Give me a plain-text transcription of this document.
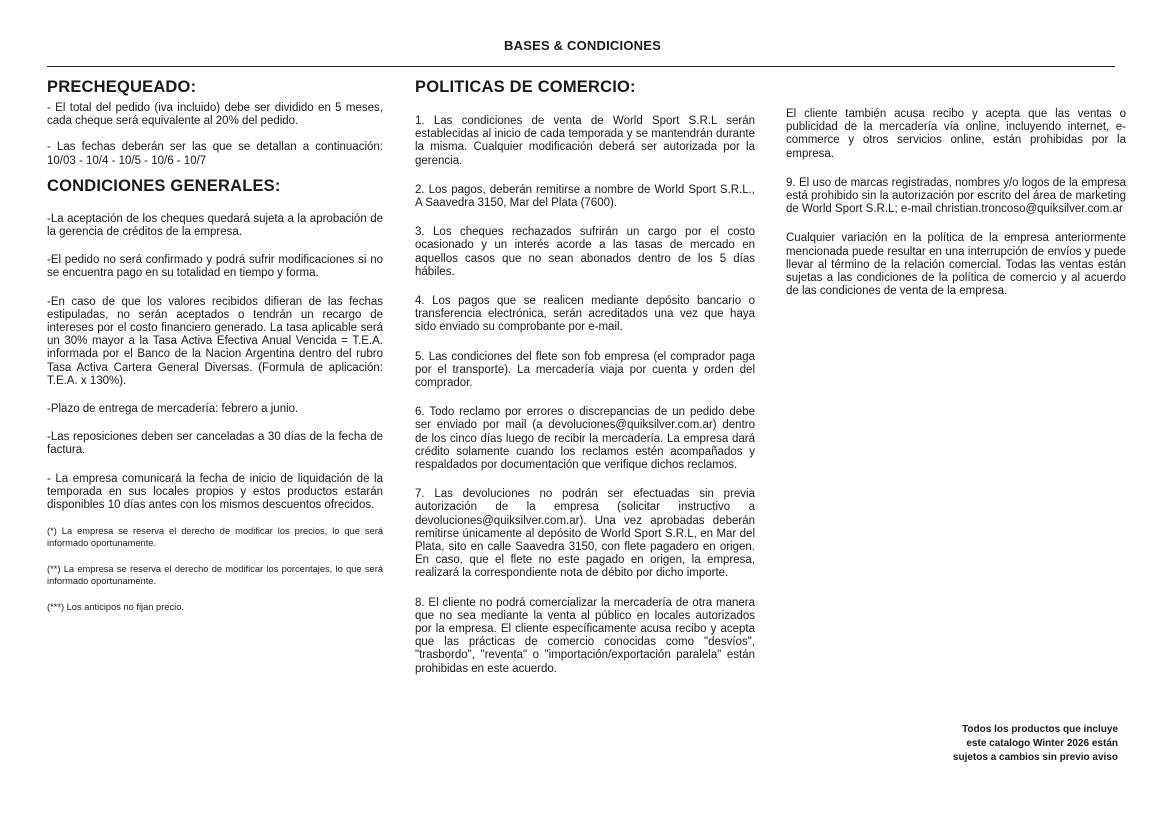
BASES & CONDICIONES
PRECHEQUEADO:

- El total del pedido (iva incluido) debe ser dividido en 5 meses, cada cheque será equivalente al 20% del pedido.

- Las fechas deberán ser las que se detallan a continuación: 10/03 - 10/4 - 10/5 - 10/6 - 10/7

CONDICIONES GENERALES:

-La aceptación de los cheques quedará sujeta a la aprobación de la gerencia de créditos de la empresa.

-El pedido no será confirmado y podrá sufrir modificaciones si no se encuentra pago en su totalidad en tiempo y forma.

-En caso de que los valores recibidos difieran de las fechas estipuladas, no serán aceptados o tendrán un recargo de intereses por el costo financiero generado. La tasa aplicable será un 30% mayor a la Tasa Activa Efectiva Anual Vencida = T.E.A. informada por el Banco de la Nacion Argentina dentro del rubro Tasa Activa Cartera General Diversas. (Formula de aplicación: T.E.A. x 130%).

-Plazo de entrega de mercadería: febrero a junio.

-Las reposiciones deben ser canceladas a 30 días de la fecha de factura.

- La empresa comunicará la fecha de inicio de liquidación de la temporada en sus locales propios y estos productos estarán disponibles 10 días antes con los mismos descuentos ofrecidos.

(*) La empresa se reserva el derecho de modificar los precios, lo que será informado oportunamente.

(**) La empresa se reserva el derecho de modificar los porcentajes, lo que será informado oportunamente.

(***) Los anticipos no fijan precio.

POLITICAS DE COMERCIO:

1. Las condiciones de venta de World Sport S.R.L serán establecidas al inicio de cada temporada y se mantendrán durante la misma. Cualquier modificación deberá ser autorizada por la gerencia.

2. Los pagos, deberán remitirse a nombre de World Sport S.R.L., A Saavedra 3150, Mar del Plata (7600).

3. Los cheques rechazados sufrirán un cargo por el costo ocasionado y un interés acorde a las tasas de mercado en aquellos casos que no sean abonados dentro de los 5 días hábiles.

4. Los pagos que se realicen mediante depósito bancario o transferencia electrónica, serán acreditados una vez que haya sido enviado su comprobante por e-mail.

5. Las condiciones del flete son fob empresa (el comprador paga por el transporte). La mercadería viaja por cuenta y orden del comprador.

6. Todo reclamo por errores o discrepancias de un pedido debe ser enviado por mail (a devoluciones@quiksilver.com.ar) dentro de los cinco días luego de recibir la mercadería. La empresa dará crédito solamente cuando los reclamos estén acompañados y respaldados por documentación que verifique dichos reclamos.

7. Las devoluciones no podrán ser efectuadas sin previa autorización de la empresa (solicitar instructivo a devoluciones@quiksilver.com.ar). Una vez aprobadas deberán remitirse únicamente al depósito de World Sport S.R.L, en Mar del Plata, sito en calle Saavedra 3150, con flete pagadero en origen. En caso, que el flete no este pagado en origen, la empresa, realizará la correspondiente nota de débito por dicho importe.

8. El cliente no podrá comercializar la mercadería de otra manera que no sea mediante la venta al público en locales autorizados por la empresa. El cliente específicamente acusa recibo y acepta que las prácticas de comercio conocidas como "desvíos", "trasbordo", "reventa" o "importación/exportación paralela" están prohibidas en este acuerdo.

El cliente también acusa recibo y acepta que las ventas o publicidad de la mercadería vía online, incluyendo internet, e-commerce y otros servicios online, están prohibidas por la empresa.

9. El uso de marcas registradas, nombres y/o logos de la empresa está prohibido sin la autorización por escrito del área de marketing de World Sport S.R.L; e-mail christian.troncoso@quiksilver.com.ar

Cualquier variación en la política de la empresa anteriormente mencionada puede resultar en una interrupción de envíos y puede llevar al término de la relación comercial. Todas las ventas están sujetas a las condiciones de la política de comercio y al acuerdo de las condiciones de venta de la empresa.

Todos los productos que incluye
este catalogo Winter 2026 están
sujetos a cambios sin previo aviso
